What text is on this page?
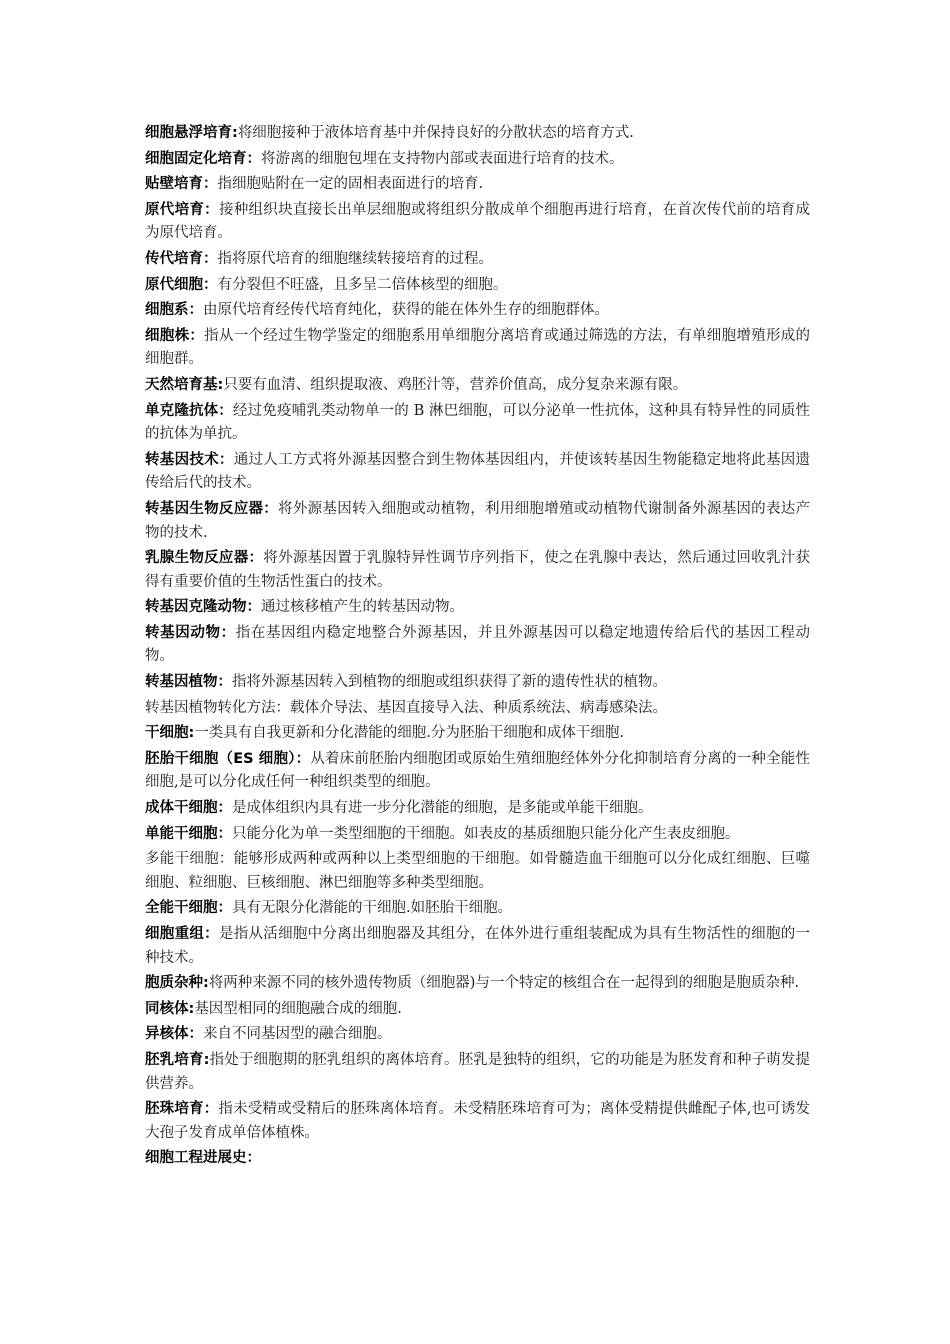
细胞悬浮培育:将细胞接种于液体培育基中并保持良好的分散状态的培育方式.

细胞固定化培育：将游离的细胞包埋在支持物内部或表面进行培育的技术。

贴壁培育：指细胞贴附在一定的固相表面进行的培育.

原代培育：接种组织块直接长出单层细胞或将组织分散成单个细胞再进行培育，在首次传代前的培育成为原代培育。

传代培育：指将原代培育的细胞继续转接培育的过程。

原代细胞：有分裂但不旺盛，且多呈二倍体核型的细胞。

细胞系：由原代培育经传代培育纯化，获得的能在体外生存的细胞群体。

细胞株：指从一个经过生物学鉴定的细胞系用单细胞分离培育或通过筛选的方法，有单细胞增殖形成的细胞群。

天然培育基:只要有血清、组织提取液、鸡胚汁等，营养价值高，成分复杂来源有限。

单克隆抗体：经过免疫哺乳类动物单一的 B 淋巴细胞，可以分泌单一性抗体，这种具有特异性的同质性的抗体为单抗。

转基因技术：通过人工方式将外源基因整合到生物体基因组内，并使该转基因生物能稳定地将此基因遗传给后代的技术。

转基因生物反应器：将外源基因转入细胞或动植物，利用细胞增殖或动植物代谢制备外源基因的表达产物的技术.

乳腺生物反应器：将外源基因置于乳腺特异性调节序列指下，使之在乳腺中表达，然后通过回收乳汁获得有重要价值的生物活性蛋白的技术。

转基因克隆动物：通过核移植产生的转基因动物。

转基因动物：指在基因组内稳定地整合外源基因，并且外源基因可以稳定地遗传给后代的基因工程动物。

转基因植物：指将外源基因转入到植物的细胞或组织获得了新的遗传性状的植物。

转基因植物转化方法：载体介导法、基因直接导入法、种质系统法、病毒感染法。

干细胞:一类具有自我更新和分化潜能的细胞.分为胚胎干细胞和成体干细胞.

胚胎干细胞（ES 细胞）：从着床前胚胎内细胞团或原始生殖细胞经体外分化抑制培育分离的一种全能性细胞,是可以分化成任何一种组织类型的细胞。

成体干细胞：是成体组织内具有进一步分化潜能的细胞，是多能或单能干细胞。

单能干细胞：只能分化为单一类型细胞的干细胞。如表皮的基质细胞只能分化产生表皮细胞。

多能干细胞：能够形成两种或两种以上类型细胞的干细胞。如骨髓造血干细胞可以分化成红细胞、巨噬细胞、粒细胞、巨核细胞、淋巴细胞等多种类型细胞。

全能干细胞：具有无限分化潜能的干细胞.如胚胎干细胞。

细胞重组：是指从活细胞中分离出细胞器及其组分，在体外进行重组装配成为具有生物活性的细胞的一种技术。

胞质杂种:将两种来源不同的核外遗传物质（细胞器)与一个特定的核组合在一起得到的细胞是胞质杂种.

同核体:基因型相同的细胞融合成的细胞.

异核体：来自不同基因型的融合细胞。

胚乳培育:指处于细胞期的胚乳组织的离体培育。胚乳是独特的组织，它的功能是为胚发育和种子萌发提供营养。

胚珠培育：指未受精或受精后的胚珠离体培育。未受精胚珠培育可为；离体受精提供雌配子体,也可诱发大孢子发育成单倍体植株。

细胞工程进展史：
